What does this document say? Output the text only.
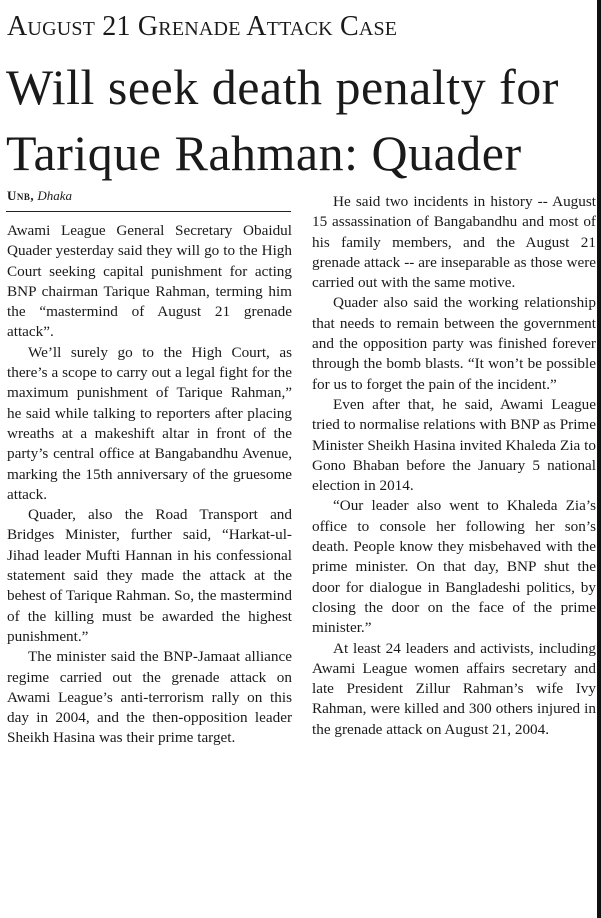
August 21 Grenade Attack Case
Will seek death penalty for Tarique Rahman: Quader
Unb, Dhaka

Awami League General Secretary Obaidul Quader yesterday said they will go to the High Court seeking capital punishment for acting BNP chairman Tarique Rahman, terming him the “mastermind of August 21 grenade attack”.

We’ll surely go to the High Court, as there’s a scope to carry out a legal fight for the maximum punishment of Tarique Rahman,” he said while talking to reporters after placing wreaths at a makeshift altar in front of the party’s central office at Bangabandhu Avenue, marking the 15th anniversary of the gruesome attack.

Quader, also the Road Transport and Bridges Minister, further said, “Harkat-ul-Jihad leader Mufti Hannan in his confessional statement said they made the attack at the behest of Tarique Rahman. So, the mastermind of the killing must be awarded the highest punishment.”

The minister said the BNP-Jamaat alliance regime carried out the grenade attack on Awami League’s anti-terrorism rally on this day in 2004, and the then-opposition leader Sheikh Hasina was their prime target.

He said two incidents in history -- August 15 assassination of Bangabandhu and most of his family members, and the August 21 grenade attack -- are inseparable as those were carried out with the same motive.

Quader also said the working relationship that needs to remain between the government and the opposition party was finished forever through the bomb blasts. “It won’t be possible for us to forget the pain of the incident.”

Even after that, he said, Awami League tried to normalise relations with BNP as Prime Minister Sheikh Hasina invited Khaleda Zia to Gono Bhaban before the January 5 national election in 2014.

“Our leader also went to Khaleda Zia’s office to console her following her son’s death. People know they misbehaved with the prime minister. On that day, BNP shut the door for dialogue in Bangladeshi politics, by closing the door on the face of the prime minister.”

At least 24 leaders and activists, including Awami League women affairs secretary and late President Zillur Rahman’s wife Ivy Rahman, were killed and 300 others injured in the grenade attack on August 21, 2004.
